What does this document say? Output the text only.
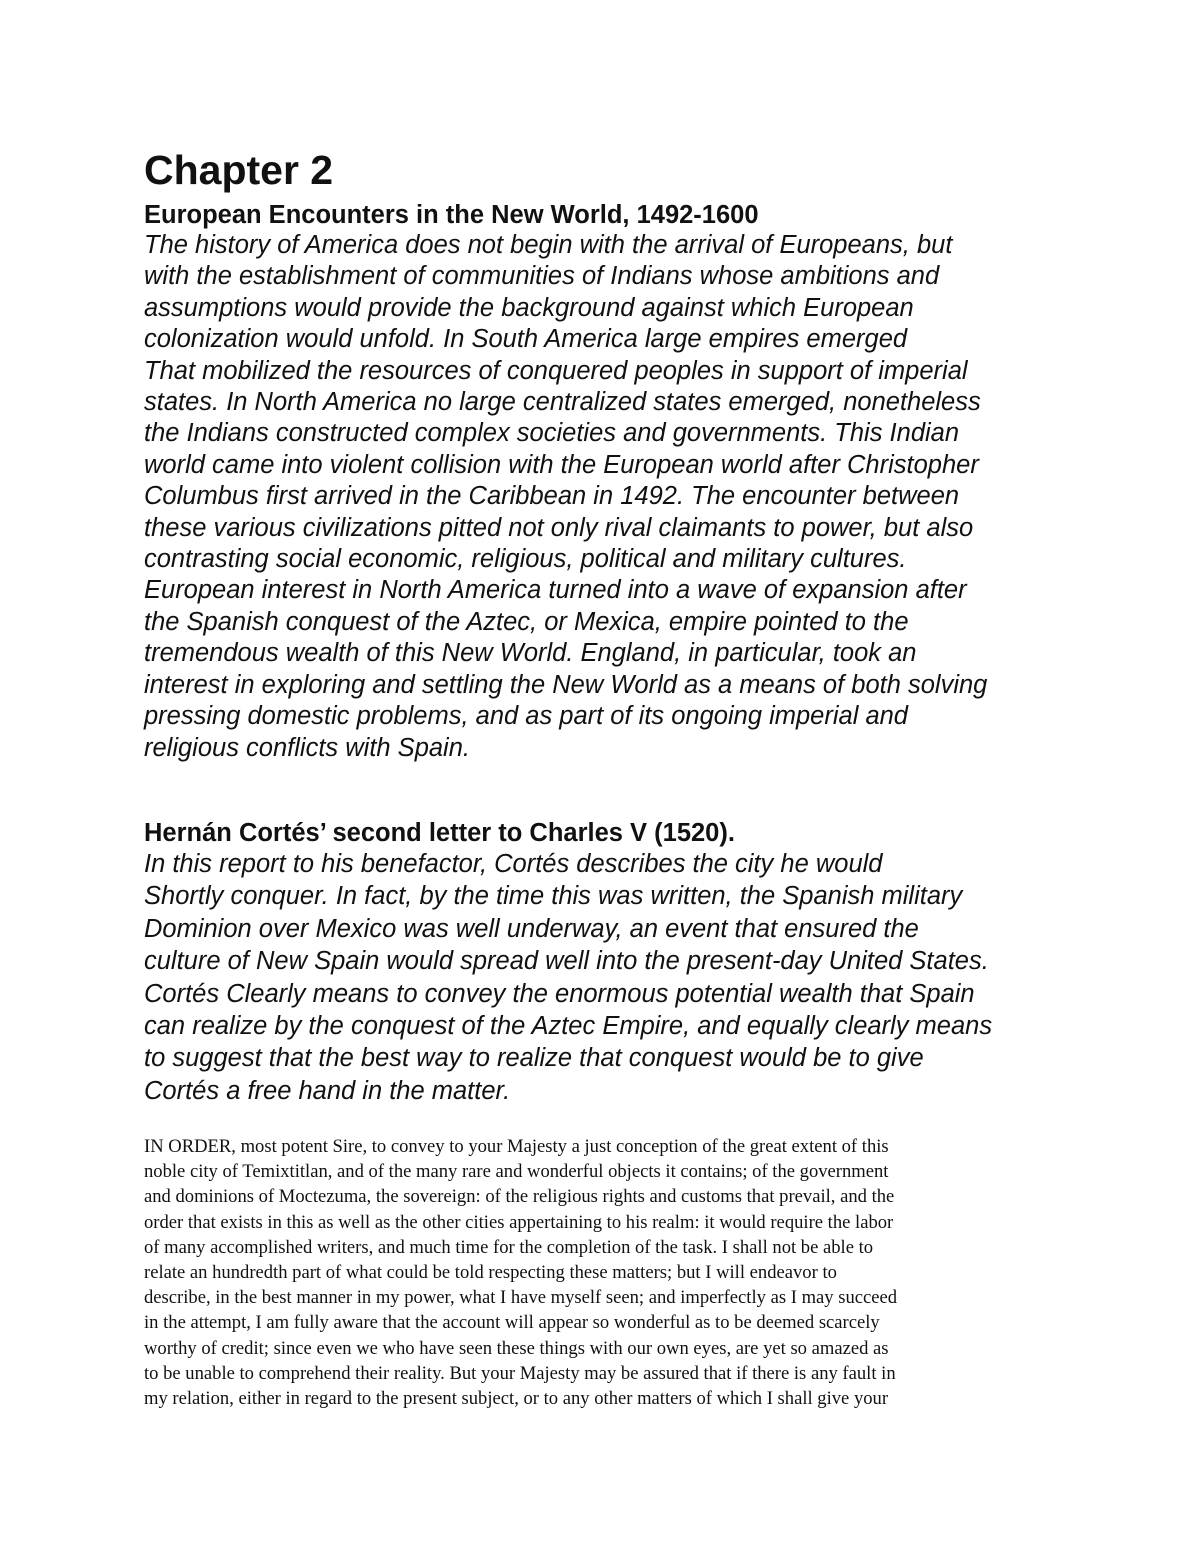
Chapter 2
European Encounters in the New World, 1492-1600
The history of America does not begin with the arrival of Europeans, but
with the establishment of communities of Indians whose ambitions and
assumptions would provide the background against which European
colonization would unfold. In South America large empires emerged
That mobilized the resources of conquered peoples in support of imperial
states. In North America no large centralized states emerged, nonetheless
the Indians constructed complex societies and governments. This Indian
world came into violent collision with the European world after Christopher
Columbus first arrived in the Caribbean in 1492. The encounter between
these various civilizations pitted not only rival claimants to power, but also
contrasting social economic, religious, political and military cultures.
European interest in North America turned into a wave of expansion after
the Spanish conquest of the Aztec, or Mexica, empire pointed to the
tremendous wealth of this New World. England, in particular, took an
interest in exploring and settling the New World as a means of both solving
pressing domestic problems, and as part of its ongoing imperial and
religious conflicts with Spain.
Hernán Cortés’ second letter to Charles V (1520).
In this report to his benefactor, Cortés describes the city he would
Shortly conquer. In fact, by the time this was written, the Spanish military
Dominion over Mexico was well underway, an event that ensured the
culture of New Spain would spread well into the present-day United States.
Cortés Clearly means to convey the enormous potential wealth that Spain
can realize by the conquest of the Aztec Empire, and equally clearly means
to suggest that the best way to realize that conquest would be to give
Cortés a free hand in the matter.
IN ORDER, most potent Sire, to convey to your Majesty a just conception of the great extent of this
noble city of Temixtitlan, and of the many rare and wonderful objects it contains; of the government
and dominions of Moctezuma, the sovereign: of the religious rights and customs that prevail, and the
order that exists in this as well as the other cities appertaining to his realm: it would require the labor
of many accomplished writers, and much time for the completion of the task. I shall not be able to
relate an hundredth part of what could be told respecting these matters; but I will endeavor to
describe, in the best manner in my power, what I have myself seen; and imperfectly as I may succeed
in the attempt, I am fully aware that the account will appear so wonderful as to be deemed scarcely
worthy of credit; since even we who have seen these things with our own eyes, are yet so amazed as
to be unable to comprehend their reality. But your Majesty may be assured that if there is any fault in
my relation, either in regard to the present subject, or to any other matters of which I shall give your
